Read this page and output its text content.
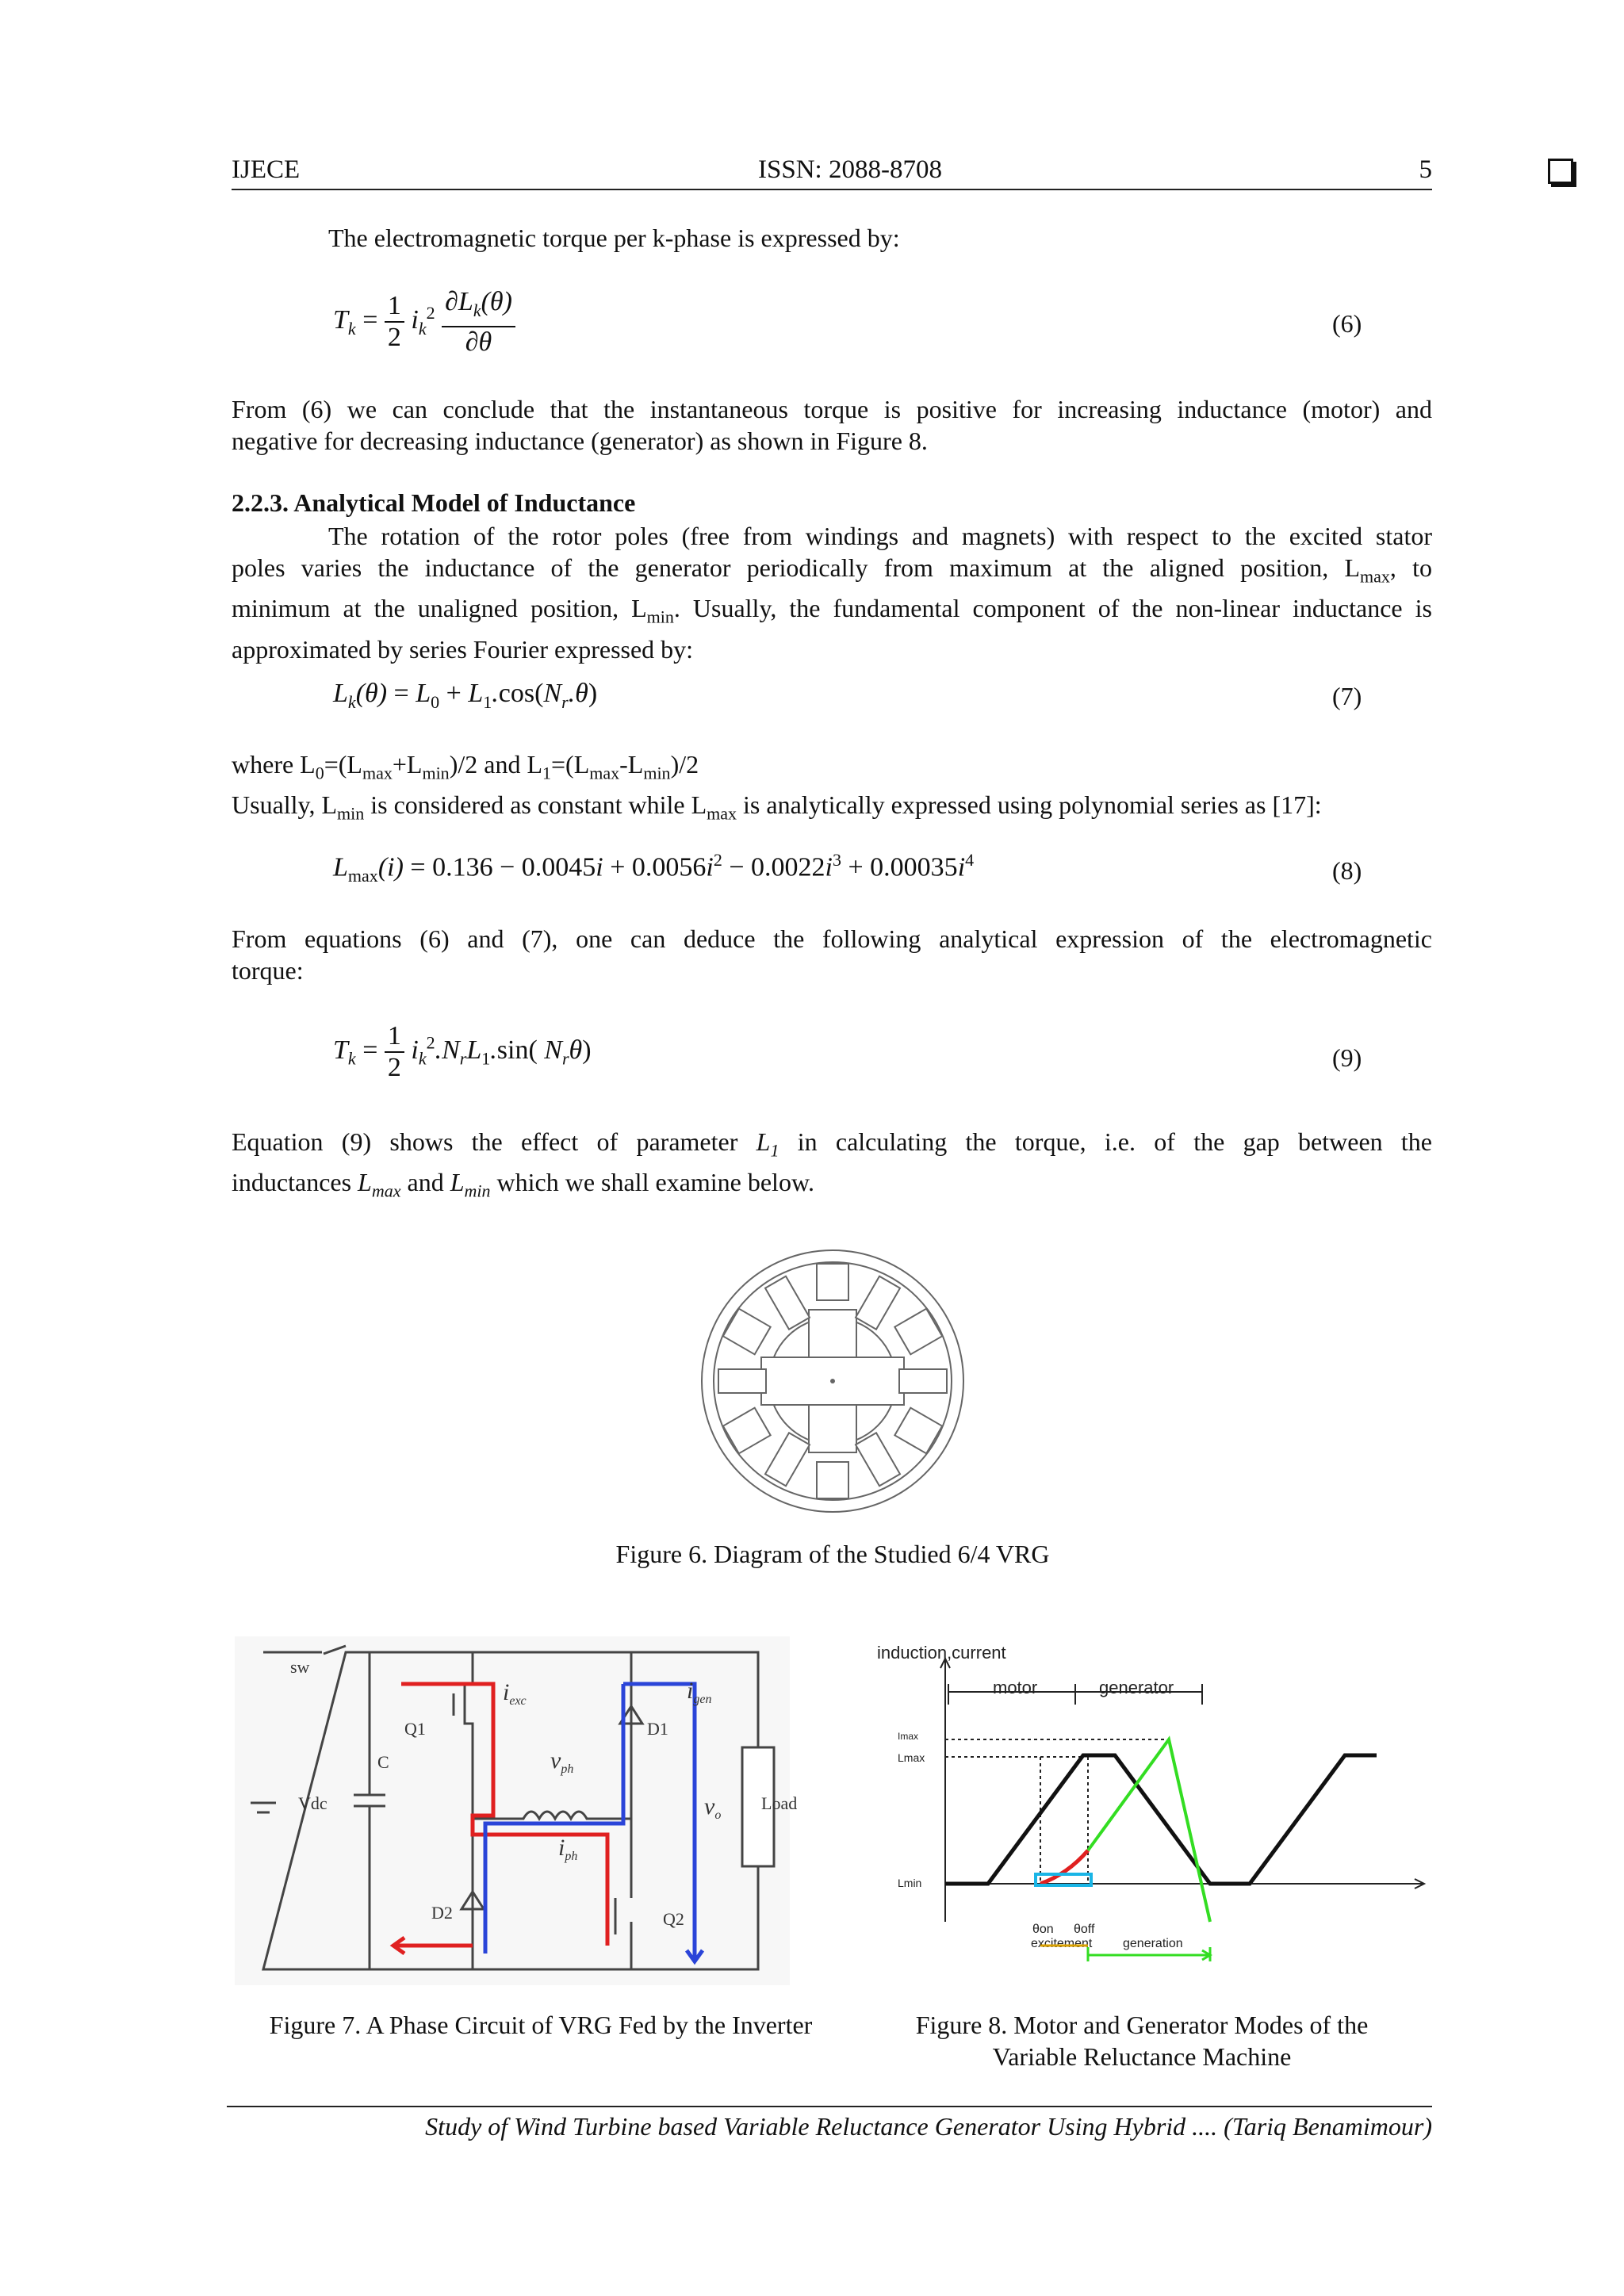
IJECE	ISSN: 2088-8708	5
The electromagnetic torque per k-phase is expressed by:
$T_k = \frac{1}{2} i_k^2 \frac{\partial L_k(\theta)}{\partial\theta}$	(6)
From (6) we can conclude that the instantaneous torque is positive for increasing inductance (motor) and
negative for decreasing inductance (generator) as shown in Figure 8.
2.2.3. Analytical Model of Inductance
The rotation of the rotor poles (free from windings and magnets) with respect to the excited stator
poles varies the inductance of the generator periodically from maximum at the aligned position, $L_{max}$, to
minimum at the unaligned position, $L_{min}$. Usually, the fundamental component of the non-linear inductance is
approximated by series Fourier expressed by:
$L_k(\theta) = L_0 + L_1.\cos(N_r.\theta)$	(7)
where $L_0=(L_{max}+L_{min})/2$ and $L_1=(L_{max}-L_{min})/2$
Usually, $L_{min}$ is considered as constant while $L_{max}$ is analytically expressed using polynomial series as [17]:
$L_{max}(i) = 0.136 - 0.0045i + 0.0056i^2 - 0.0022i^3 + 0.00035i^4$	(8)
From equations (6) and (7), one can deduce the following analytical expression of the electromagnetic
torque:
$T_k = \frac{1}{2} i_k^2.N_rL_1.\sin$( $N_r\theta$)	(9)
Equation (9) shows the effect of parameter $L_1$ in calculating the torque, i.e. of the gap between the
inductances $L_{max}$ and $L_{min}$ which we shall examine below.
Figure 6. Diagram of the Studied 6/4 VRG
sw
Vdc
C
Q1
Q2
D1
D2
Load
$i_{exc}$	$i_{gen}$
$v_{ph}$
$i_{ph}$
$v_o$
induction,current
motor	generator
Imax
Lmax
Lmin
θon θoff
excitement generation
Figure 7. A Phase Circuit of VRG Fed by the Inverter	Figure 8. Motor and Generator Modes of the
Variable Reluctance Machine
Study of Wind Turbine based Variable Reluctance Generator Using Hybrid .... (Tariq Benamimour)
